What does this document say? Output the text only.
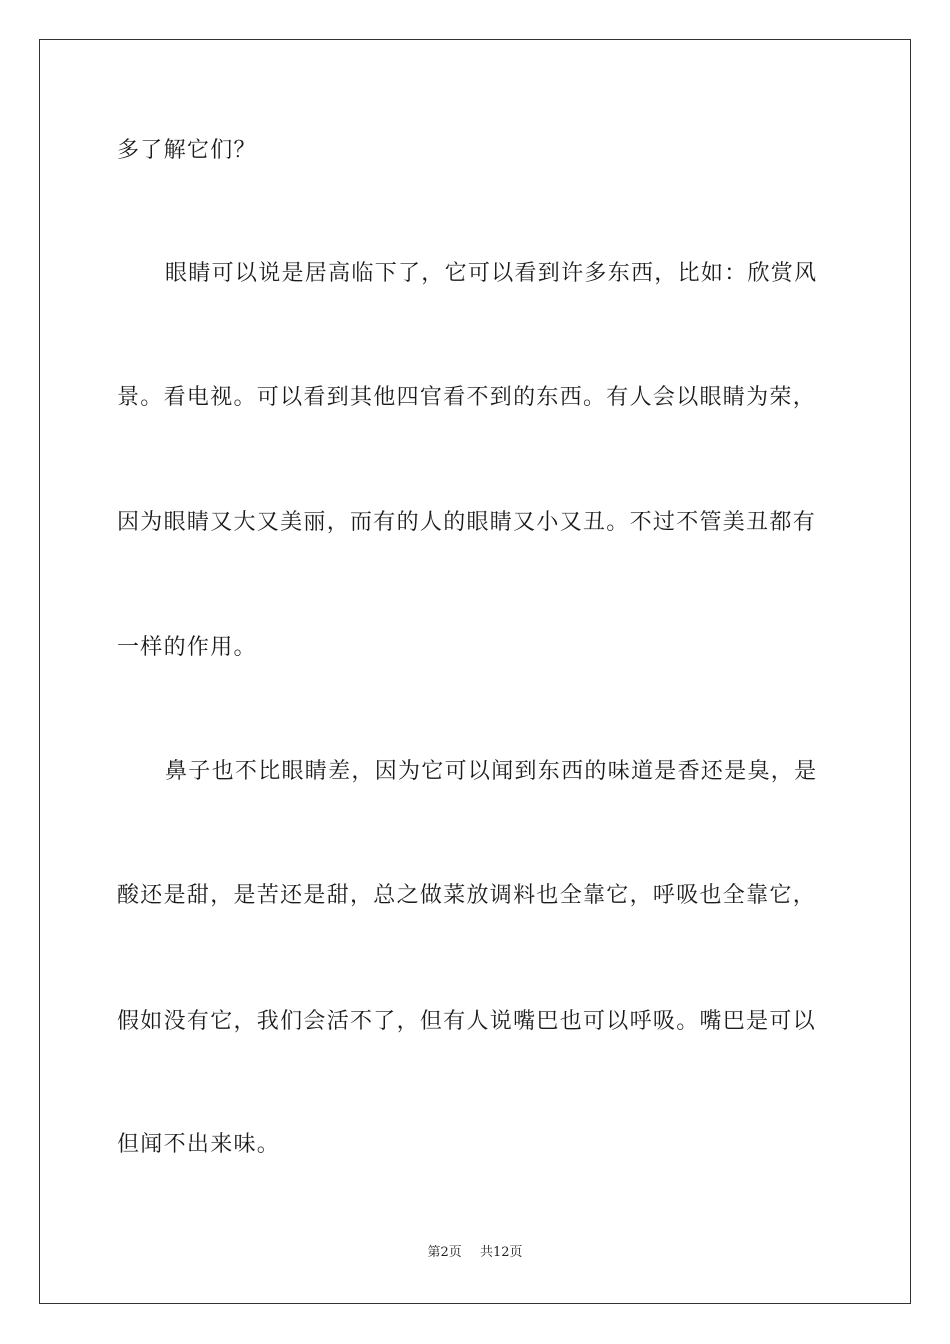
多了解它们？
眼睛可以说是居高临下了，它可以看到许多东西，比如：欣赏风
景。看电视。可以看到其他四官看不到的东西。有人会以眼睛为荣，
因为眼睛又大又美丽，而有的人的眼睛又小又丑。不过不管美丑都有
一样的作用。
鼻子也不比眼睛差，因为它可以闻到东西的味道是香还是臭，是
酸还是甜，是苦还是甜，总之做菜放调料也全靠它，呼吸也全靠它，
假如没有它，我们会活不了，但有人说嘴巴也可以呼吸。嘴巴是可以
但闻不出来味。
第2页 共12页
